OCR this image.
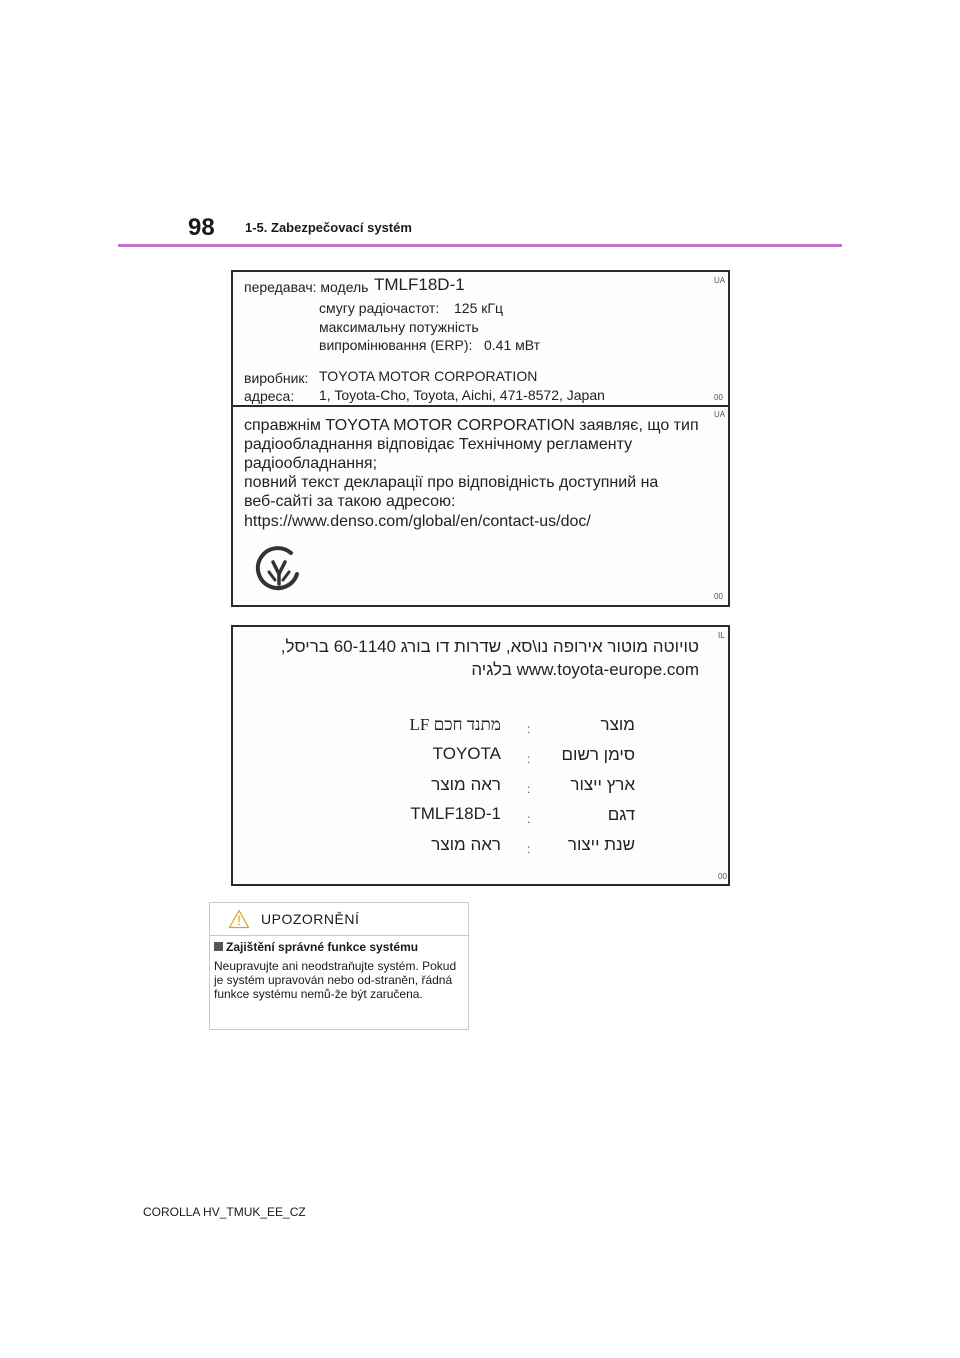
98 1-5. Zabezpečovací systém
UA
00
передавач: модель TMLF18D-1
смугу радіочастот: 125 кГц
максимальну потужність
випромінювання (ERP): 0.41 мВт
виробник: TOYOTA MOTOR CORPORATION
адреса: 1, Toyota-Cho, Toyota, Aichi, 471-8572, Japan
UA
справжнім TOYOTA MOTOR CORPORATION заявляє, що тип
радіообладнання відповідає Технічному регламенту
радіообладнання;
повний текст декларації про відповідність доступний на
веб-сайті за такою адресою:
https://www.denso.com/global/en/contact-us/doc/
00
IL
טויוטה מוטור אירופה נו\סא, שדרות דו בורג 60-1140 בריסל,
www.toyota-europe.com בלגיה
מוצר
:
מתנד חכם LF
סימן רשום
:
TOYOTA
ארץ ייצור
:
ראה מוצר
דגם
:
TMLF18D-1
שנת ייצור
:
ראה מוצר
00
UPOZORNĚNÍ
Zajištění správné funkce systému
Neupravujte ani neodstraňujte systém. Pokud je systém upravován nebo od-straněn, řádná funkce systému nemů-že být zaručena.
COROLLA HV_TMUK_EE_CZ
